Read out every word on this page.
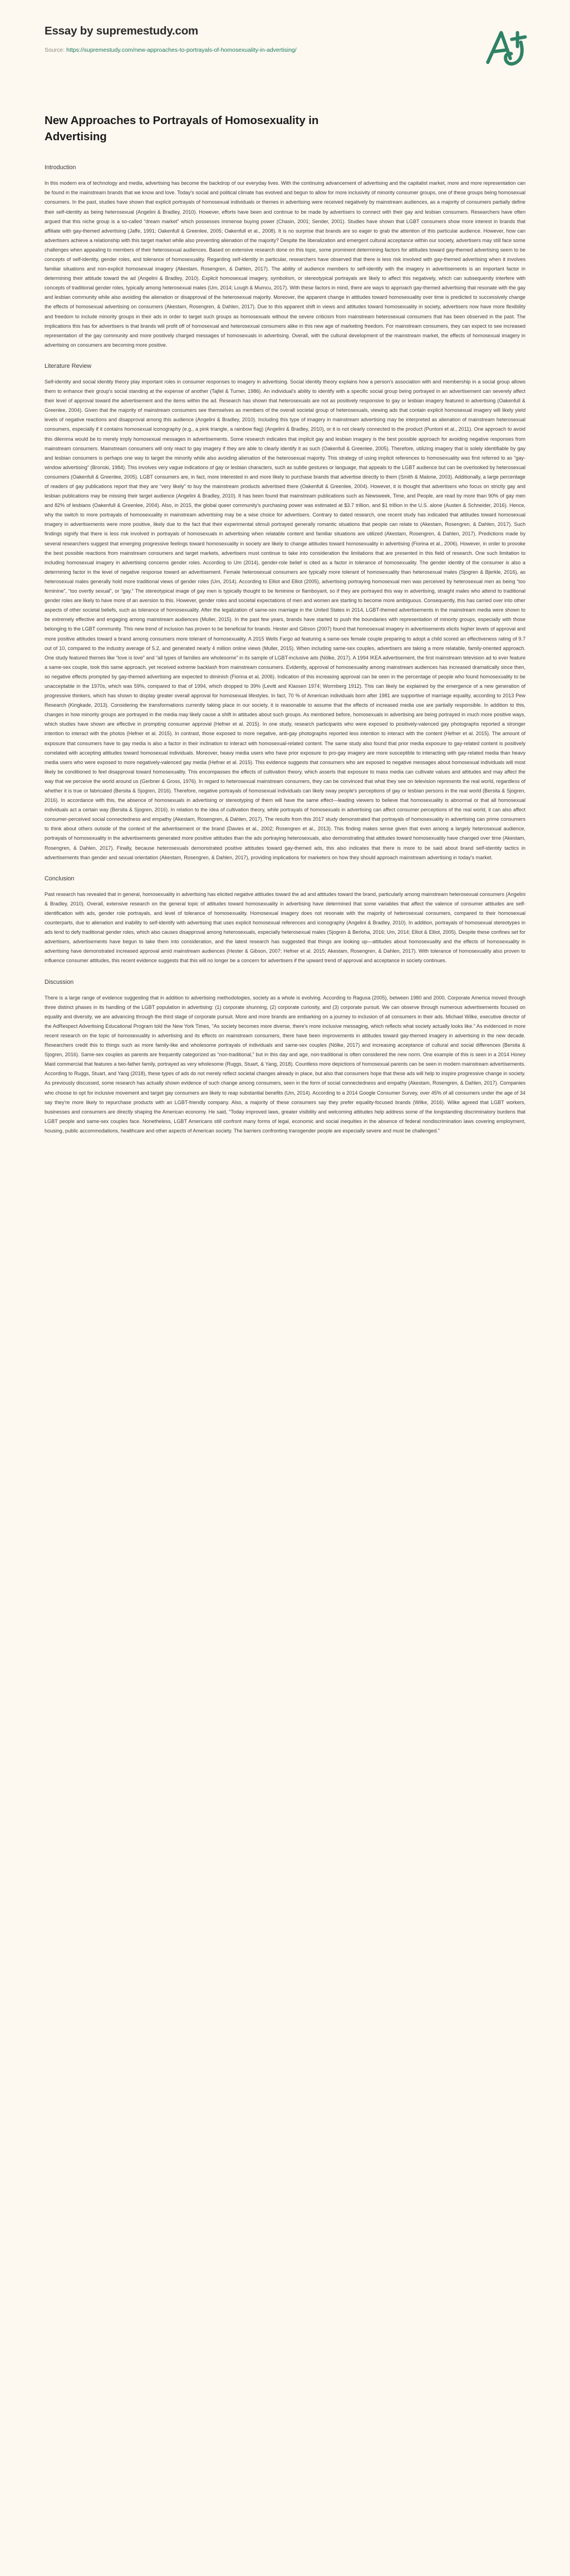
Essay by supremestudy.com
Source: https://supremestudy.com/new-approaches-to-portrayals-of-homosexuality-in-advertising/
New Approaches to Portrayals of Homosexuality in Advertising
Introduction

In this modern era of technology and media, advertising has become the backdrop of our everyday lives. With the continuing advancement of advertising and the capitalist market, more and more representation can be found in the mainstream brands that we know and love. Today's social and political climate has evolved and begun to allow for more inclusivity of minority consumer groups, one of these groups being homosexual consumers. In the past, studies have shown that explicit portrayals of homosexual individuals or themes in advertising were received negatively by mainstream audiences, as a majority of consumers partially define their self-identity as being heterosexual (Angelini & Bradley, 2010). However, efforts have been and continue to be made by advertisers to connect with their gay and lesbian consumers. Researchers have often argued that this niche group is a so-called “dream market” which possesses immense buying power (Chasin, 2001; Sender, 2001). Studies have shown that LGBT consumers show more interest in brands that affiliate with gay-themed advertising (Jaffe, 1991; Oakenfull & Greenlee, 2005; Oakenfull et al., 2008). It is no surprise that brands are so eager to grab the attention of this particular audience. However, how can advertisers achieve a relationship with this target market while also preventing alienation of the majority? Despite the liberalization and emergent cultural acceptance within our society, advertisers may still face some challenges when appealing to members of their heterosexual audiences. Based on extensive research done on this topic, some prominent determining factors for attitudes toward gay-themed advertising seem to be concepts of self-identity, gender roles, and tolerance of homosexuality. Regarding self-identity in particular, researchers have observed that there is less risk involved with gay-themed advertising when it involves familiar situations and non-explicit homosexual imagery (Akestam, Rosengren, & Dahlen, 2017). The ability of audience members to self-identify with the imagery in advertisements is an important factor in determining their attitude toward the ad (Angelini & Bradley, 2010). Explicit homosexual imagery, symbolism, or stereotypical portrayals are likely to affect this negatively, which can subsequently interfere with concepts of traditional gender roles, typically among heterosexual males (Um, 2014; Lough & Mumcu, 2017). With these factors in mind, there are ways to approach gay-themed advertising that resonate with the gay and lesbian community while also avoiding the alienation or disapproval of the heterosexual majority. Moreover, the apparent change in attitudes toward homosexuality over time is predicted to successively change the effects of homosexual advertising on consumers (Akestam, Rosengren, & Dahlen, 2017). Due to this apparent shift in views and attitudes toward homosexuality in society, advertisers now have more flexibility and freedom to include minority groups in their ads in order to target such groups as homosexuals without the severe criticism from mainstream heterosexual consumers that has been observed in the past. The implications this has for advertisers is that brands will profit off of homosexual and heterosexual consumers alike in this new age of marketing freedom. For mainstream consumers, they can expect to see increased representation of the gay community and more positively charged messages of homosexuals in advertising. Overall, with the cultural development of the mainstream market, the effects of homosexual imagery in advertising on consumers are becoming more positive.

Literature Review

Self-identity and social identity theory play important roles in consumer responses to imagery in advertising. Social identity theory explains how a person's association with and membership in a social group allows them to enhance their group's social standing at the expense of another (Tajfel & Turner, 1986). An individual's ability to identify with a specific social group being portrayed in an advertisement can severely affect their level of approval toward the advertisement and the items within the ad. Research has shown that heterosexuals are not as positively responsive to gay or lesbian imagery featured in advertising (Oakenfull & Greenlee, 2004). Given that the majority of mainstream consumers see themselves as members of the overall societal group of heterosexuals, viewing ads that contain explicit homosexual imagery will likely yield levels of negative reactions and disapproval among this audience (Angelini & Bradley, 2010). Including this type of imagery in mainstream advertising may be interpreted as alienation of mainstream heterosexual consumers, especially if it contains homosexual iconography (e.g., a pink triangle, a rainbow flag) (Angelini & Bradley, 2010), or it is not clearly connected to the product (Puntoni et al., 2011). One approach to avoid this dilemma would be to merely imply homosexual messages in advertisements. Some research indicates that implicit gay and lesbian imagery is the best possible approach for avoiding negative responses from mainstream consumers. Mainstream consumers will only react to gay imagery if they are able to clearly identify it as such (Oakenfull & Greenlee, 2005). Therefore, utilizing imagery that is solely identifiable by gay and lesbian consumers is perhaps one way to target the minority while also avoiding alienation of the heterosexual majority. This strategy of using implicit references to homosexuality was first referred to as “gay-window advertising” (Bronski, 1984). This involves very vague indications of gay or lesbian characters, such as subtle gestures or language, that appeals to the LGBT audience but can be overlooked by heterosexual consumers (Oakenfull & Greenlee, 2005). LGBT consumers are, in fact, more interested in and more likely to purchase brands that advertise directly to them (Smith & Malone, 2003). Additionally, a large percentage of readers of gay publications report that they are “very likely” to buy the mainstream products advertised there (Oakenfull & Greenlee, 2004). However, it is thought that advertisers who focus on strictly gay and lesbian publications may be missing their target audience (Angelini & Bradley, 2010). It has been found that mainstream publications such as Newsweek, Time, and People, are read by more than 90% of gay men and 82% of lesbians (Oakenfull & Greenlee, 2004). Also, in 2015, the global queer community's purchasing power was estimated at $3.7 trillion, and $1 trillion in the U.S. alone (Austen & Schneider, 2016). Hence, why the switch to more portrayals of homosexuality in mainstream advertising may be a wise choice for advertisers. Contrary to dated research, one recent study has indicated that attitudes toward homosexual imagery in advertisements were more positive, likely due to the fact that their experimental stimuli portrayed generally romantic situations that people can relate to (Akestam, Rosengren, & Dahlen, 2017). Such findings signify that there is less risk involved in portrayals of homosexuals in advertising when relatable content and familiar situations are utilized (Akestam, Rosengren, & Dahlen, 2017). Predictions made by several researchers suggest that emerging progressive feelings toward homosexuality in society are likely to change attitudes toward homosexuality in advertising (Fiorina et al., 2006). However, in order to provoke the best possible reactions from mainstream consumers and target markets, advertisers must continue to take into consideration the limitations that are presented in this field of research. One such limitation to including homosexual imagery in advertising concerns gender roles. According to Um (2014), gender-role belief is cited as a factor in tolerance of homosexuality. The gender identity of the consumer is also a determining factor in the level of negative response toward an advertisement. Female heterosexual consumers are typically more tolerant of homosexuality than heterosexual males (Sjogren & Bjerkle, 2016), as heterosexual males generally hold more traditional views of gender roles (Um, 2014). According to Elliot and Elliot (2005), advertising portraying homosexual men was perceived by heterosexual men as being “too feminine”, “too overtly sexual”, or “gay.” The stereotypical image of gay men is typically thought to be feminine or flamboyant, so if they are portrayed this way in advertising, straight males who attend to traditional gender roles are likely to have more of an aversion to this. However, gender roles and societal expectations of men and women are starting to become more ambiguous. Consequently, this has carried over into other aspects of other societal beliefs, such as tolerance of homosexuality. After the legalization of same-sex marriage in the United States in 2014, LGBT-themed advertisements in the mainstream media were shown to be extremely effective and engaging among mainstream audiences (Muller, 2015). In the past few years, brands have started to push the boundaries with representation of minority groups, especially with those belonging to the LGBT community. This new trend of inclusion has proven to be beneficial for brands. Hester and Gibson (2007) found that homosexual imagery in advertisements elicits higher levels of approval and more positive attitudes toward a brand among consumers more tolerant of homosexuality. A 2015 Wells Fargo ad featuring a same-sex female couple preparing to adopt a child scored an effectiveness rating of 9.7 out of 10, compared to the industry average of 5.2, and generated nearly 4 million online views (Muller, 2015). When including same-sex couples, advertisers are taking a more relatable, family-oriented approach. One study featured themes like “love is love” and “all types of families are wholesome” in its sample of LGBT-inclusive ads (Nölke, 2017). A 1994 IKEA advertisement, the first mainstream television ad to ever feature a same-sex couple, took this same approach, yet received extreme backlash from mainstream consumers. Evidently, approval of homosexuality among mainstream audiences has increased dramatically since then, so negative effects prompted by gay-themed advertising are expected to diminish (Fiorina et al, 2006). Indication of this increasing approval can be seen in the percentage of people who found homosexuality to be unacceptable in the 1970s, which was 59%, compared to that of 1994, which dropped to 39% (Levitt and Klassen 1974; Wormberg 1912). This can likely be explained by the emergence of a new generation of progressive thinkers, which has shown to display greater overall approval for homosexual lifestyles. In fact, 70 % of American individuals born after 1981 are supportive of marriage equality, according to 2013 Pew Research (Kingkade, 2013). Considering the transformations currently taking place in our society, it is reasonable to assume that the effects of increased media use are partially responsible. In addition to this, changes in how minority groups are portrayed in the media may likely cause a shift in attitudes about such groups. As mentioned before, homosexuals in advertising are being portrayed in much more positive ways, which studies have shown are effective in prompting consumer approval (Hefner et al. 2015). In one study, research participants who were exposed to positively-valenced gay photographs reported a stronger intention to interact with the photos (Hefner et al. 2015). In contrast, those exposed to more negative, anti-gay photographs reported less intention to interact with the content (Hefner et al. 2015). The amount of exposure that consumers have to gay media is also a factor in their inclination to interact with homosexual-related content. The same study also found that prior media exposure to gay-related content is positively correlated with accepting attitudes toward homosexual individuals. Moreover, heavy media users who have prior exposure to pro-gay imagery are more susceptible to interacting with gay-related media than heavy media users who were exposed to more negatively-valenced gay media (Hefner et al. 2015). This evidence suggests that consumers who are exposed to negative messages about homosexual individuals will most likely be conditioned to feel disapproval toward homosexuality. This encompasses the effects of cultivation theory, which asserts that exposure to mass media can cultivate values and attitudes and may affect the way that we perceive the world around us (Gerbner & Gross, 1976). In regard to heterosexual mainstream consumers, they can be convinced that what they see on television represents the real world, regardless of whether it is true or fabricated (Bersita & Sjogren, 2016). Therefore, negative portrayals of homosexual individuals can likely sway people's perceptions of gay or lesbian persons in the real world (Bersita & Sjogren, 2016). In accordance with this, the absence of homosexuals in advertising or stereotyping of them will have the same effect—leading viewers to believe that homosexuality is abnormal or that all homosexual individuals act a certain way (Bersita & Sjogren, 2016). In relation to the idea of cultivation theory, while portrayals of homosexuals in advertising can affect consumer perceptions of the real world, it can also affect consumer-perceived social connectedness and empathy (Akestam, Rosengren, & Dahlen, 2017). The results from this 2017 study demonstrated that portrayals of homosexuality in advertising can prime consumers to think about others outside of the context of the advertisement or the brand (Davies et al., 2002; Rosengren et al., 2013). This finding makes sense given that even among a largely heterosexual audience, portrayals of homosexuality in the advertisements generated more positive attitudes than the ads portraying heterosexuals, also demonstrating that attitudes toward homosexuality have changed over time (Akestam, Rosengren, & Dahlen, 2017). Finally, because heterosexuals demonstrated positive attitudes toward gay-themed ads, this also indicates that there is more to be said about brand self-identity tactics in advertisements than gender and sexual orientation (Akestam, Rosengren, & Dahlen, 2017), providing implications for marketers on how they should approach mainstream advertising in today's market.

Conclusion

Past research has revealed that in general, homosexuality in advertising has elicited negative attitudes toward the ad and attitudes toward the brand, particularly among mainstream heterosexual consumers (Angelini & Bradley, 2010). Overall, extensive research on the general topic of attitudes toward homosexuality in advertising have determined that some variables that affect the valence of consumer attitudes are self-identification with ads, gender role portrayals, and level of tolerance of homosexuality. Homosexual imagery does not resonate with the majority of heterosexual consumers, compared to their homosexual counterparts, due to alienation and inability to self-identify with advertising that uses explicit homosexual references and iconography (Angelini & Bradley, 2010). In addition, portrayals of homosexual stereotypes in ads tend to defy traditional gender roles, which also causes disapproval among heterosexuals, especially heterosexual males (Sjogren & Berloha, 2016; Um, 2014; Elliot & Elliot, 2005). Despite these confines set for advertisers, advertisements have begun to take them into consideration, and the latest research has suggested that things are looking up—attitudes about homosexuality and the effects of homosexuality in advertising have demonstrated increased approval amid mainstream audiences (Hester & Gibson, 2007; Hefner et al. 2015; Akestam, Rosengren, & Dahlen, 2017). With tolerance of homosexuality also proven to influence consumer attitudes, this recent evidence suggests that this will no longer be a concern for advertisers if the upward trend of approval and acceptance in society continues.

Discussion

There is a large range of evidence suggesting that in addition to advertising methodologies, society as a whole is evolving. According to Ragusa (2005), between 1980 and 2000, Corporate America moved through three distinct phases in its handling of the LGBT population in advertising: (1) corporate shunning, (2) corporate curiosity, and (3) corporate pursuit. We can observe through numerous advertisements focused on equality and diversity, we are advancing through the third stage of corporate pursuit. More and more brands are embarking on a journey to inclusion of all consumers in their ads. Michael Wilke, executive director of the AdRespect Advertising Educational Program told the New York Times, “As society becomes more diverse, there's more inclusive messaging, which reflects what society actually looks like.” As evidenced in more recent research on the topic of homosexuality in advertising and its effects on mainstream consumers, there have been improvements in attitudes toward gay-themed imagery in advertising in the new decade. Researchers credit this to things such as more family-like and wholesome portrayals of individuals and same-sex couples (Nölke, 2017) and increasing acceptance of cultural and social differences (Bersita & Sjogren, 2016). Same-sex couples as parents are frequently categorized as “non-traditional,” but in this day and age, non-traditional is often considered the new norm. One example of this is seen in a 2014 Honey Maid commercial that features a two-father family, portrayed as very wholesome (Ruggs, Stuart, & Yang, 2018). Countless more depictions of homosexual parents can be seen in modern mainstream advertisements. According to Ruggs, Stuart, and Yang (2018), these types of ads do not merely reflect societal changes already in place, but also that consumers hope that these ads will help to inspire progressive change in society. As previously discussed, some research has actually shown evidence of such change among consumers, seen in the form of social connectedness and empathy (Akestam, Rosengren, & Dahlen, 2017). Companies who choose to opt for inclusive movement and target gay consumers are likely to reap substantial benefits (Um, 2014). According to a 2014 Google Consumer Survey, over 45% of all consumers under the age of 34 say they're more likely to repurchase products with an LGBT-friendly company. Also, a majority of these consumers say they prefer equality-focused brands (Wilke, 2016). Wilke agreed that LGBT workers, businesses and consumers are directly shaping the American economy. He said, “Today improved laws, greater visibility and welcoming attitudes help address some of the longstanding discriminatory burdens that LGBT people and same-sex couples face. Nonetheless, LGBT Americans still confront many forms of legal, economic and social inequities in the absence of federal nondiscrimination laws covering employment, housing, public accommodations, healthcare and other aspects of American society. The barriers confronting transgender people are especially severe and must be challenged.”
